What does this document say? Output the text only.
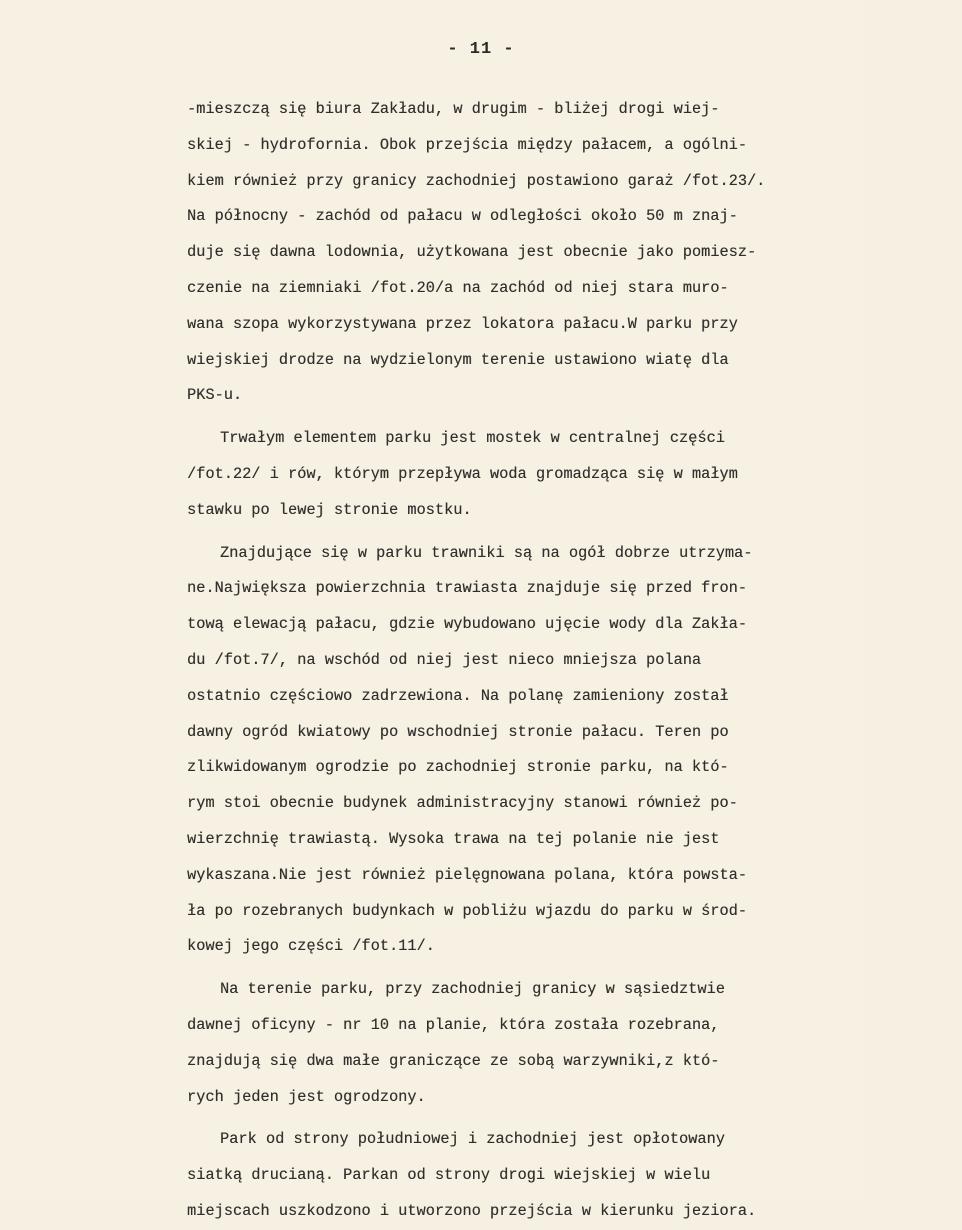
- 11 -
-mieszczą się biura Zakładu, w drugim - bliżej drogi wiej-
skiej - hydrofornia. Obok przejścia między pałacem, a ogólni-
kiem również przy granicy zachodniej postawiono garaż /fot.23/.
Na północny - zachód od pałacu w odległości około 50 m znaj-
duje się dawna lodownia, użytkowana jest obecnie jako pomiesz-
czenie na ziemniaki /fot.20/a na zachód od niej stara muro-
wana szopa wykorzystywana przez lokatora pałacu.W parku przy
wiejskiej drodze na wydzielonym terenie ustawiono wiatę dla
PKS-u.
Trwałym elementem parku jest mostek w centralnej części
/fot.22/ i rów, którym przepływa woda gromadząca się w małym
stawku po lewej stronie mostku.
Znajdujące się w parku trawniki są na ogół dobrze utrzyma-
ne.Największa powierzchnia trawiasta znajduje się przed fron-
tową elewacją pałacu, gdzie wybudowano ujęcie wody dla Zakła-
du /fot.7/, na wschód od niej jest nieco mniejsza polana
ostatnio częściowo zadrzewiona. Na polanę zamieniony został
dawny ogród kwiatowy po wschodniej stronie pałacu. Teren po
zlikwidowanym ogrodzie po zachodniej stronie parku, na któ-
rym stoi obecnie budynek administracyjny stanowi również po-
wierzchnię trawiastą. Wysoka trawa na tej polanie nie jest
wykaszana.Nie jest również pielęgnowana polana, która powsta-
ła po rozebranych budynkach w pobliżu wjazdu do parku w środ-
kowej jego części /fot.11/.
Na terenie parku, przy zachodniej granicy w sąsiedztwie
dawnej oficyny - nr 10 na planie, która została rozebrana,
znajdują się dwa małe graniczące ze sobą warzywniki,z któ-
rych jeden jest ogrodzony.
Park od strony południowej i zachodniej jest opłotowany
siatką drucianą. Parkan od strony drogi wiejskiej w wielu
miejscach uszkodzono i utworzono przejścia w kierunku jeziora.
